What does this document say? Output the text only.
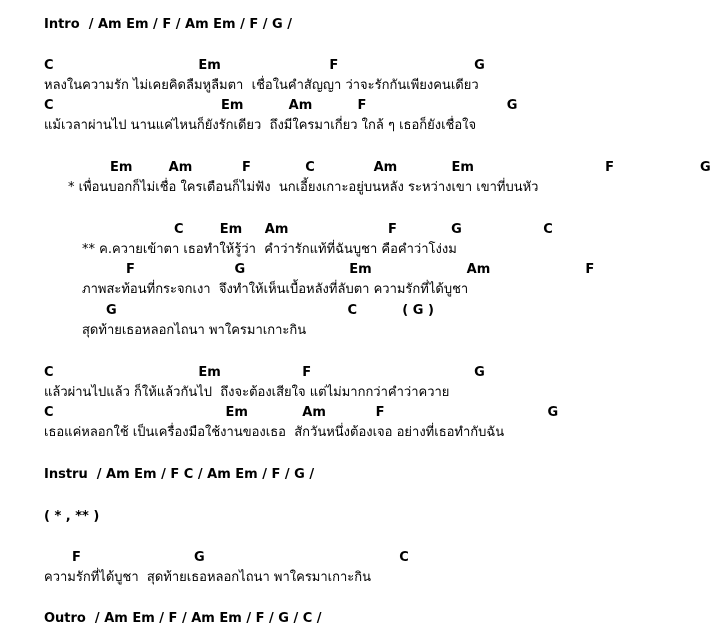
Intro  / Am Em / F / Am Em / F / G /
C                                Em                        F                              G
หลงในความรัก ไม่เคยคิดลืมหูลืมตา  เชื่อในคำสัญญา ว่าจะรักกันเพียงคนเดียว
C                                     Em          Am          F                               G
แม้เวลาผ่านไป นานแค่ไหนก็ยังรักเดียว  ถึงมีใครมาเกี่ยว ใกล้ ๆ เธอก็ยังเชื่อใจ
Em        Am           F            C             Am            Em                             F                   G
* เพื่อนบอกก็ไม่เชื่อ ใครเตือนก็ไม่ฟัง  นกเอี้ยงเกาะอยู่บนหลัง ระหว่างเขา เขาที่บนหัว
C        Em     Am                      F            G                  C
** ค.ควายเข้าตา เธอทำให้รู้ว่า  คำว่ารักแท้ที่ฉันบูชา คือคำว่าโง่งม
F                      G                       Em                     Am                     F
ภาพสะท้อนที่กระจกเงา  จึงทำให้เห็นเบื้อหลังที่ลับตา ความรักที่ได้บูชา
G                                                   C          ( G )
สุดท้ายเธอหลอกไถนา พาใครมาเกาะกิน
C                                Em                  F                                    G
แล้วผ่านไปแล้ว ก็ให้แล้วกันไป  ถึงจะต้องเสียใจ แต่ไม่มากกว่าคำว่าควาย
C                                      Em            Am           F                                    G
เธอแค่หลอกใช้ เป็นเครื่องมือใช้งานของเธอ  สักวันหนึ่งต้องเจอ อย่างที่เธอทำกับฉัน
Instru  / Am Em / F C / Am Em / F / G /
( * , ** )
F                         G                                           C
ความรักที่ได้บูชา  สุดท้ายเธอหลอกไถนา พาใครมาเกาะกิน
Outro  / Am Em / F / Am Em / F / G / C /
